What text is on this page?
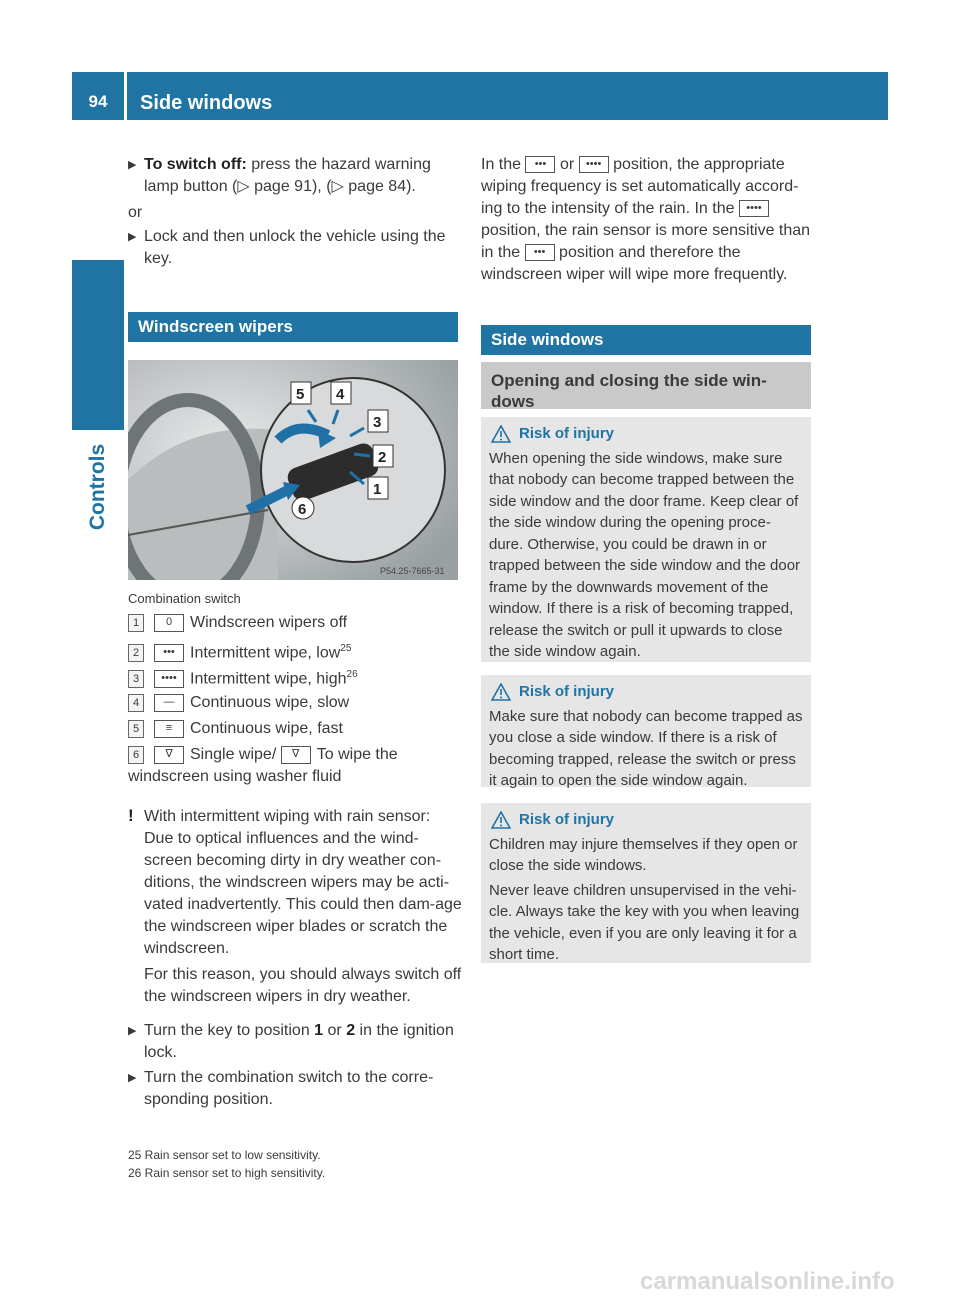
94	Side windows
Controls
▶ To switch off: press the hazard warning lamp button (▷ page 91), (▷ page 84).
or
▶ Lock and then unlock the vehicle using the key.
Windscreen wipers
5 4
3
2
1
6
P54.25-7665-31
Combination switch
1 0 Windscreen wipers off
2 ••• Intermittent wipe, low$^{25}$
3 •••• Intermittent wipe, high$^{26}$
4 — Continuous wipe, slow
5 ≡ Continuous wipe, fast
6 ∇ Single wipe/ ∇ To wipe the windscreen using washer fluid
! With intermittent wiping with rain sensor: Due to optical influences and the wind-screen becoming dirty in dry weather con-ditions, the windscreen wipers may be acti-vated inadvertently. This could then dam-age the windscreen wiper blades or scratch the windscreen.
For this reason, you should always switch off the windscreen wipers in dry weather.
▶ Turn the key to position 1 or 2 in the ignition lock.
▶ Turn the combination switch to the corre-sponding position.
25 Rain sensor set to low sensitivity.
26 Rain sensor set to high sensitivity.
In the ••• or •••• position, the appropriate wiping frequency is set automatically accord-ing to the intensity of the rain. In the •••• position, the rain sensor is more sensitive than in the ••• position and therefore the windscreen wiper will wipe more frequently.
Side windows
Opening and closing the side win-dows
Risk of injury

When opening the side windows, make sure that nobody can become trapped between the side window and the door frame. Keep clear of the side window during the opening proce-dure. Otherwise, you could be drawn in or trapped between the side window and the door frame by the downwards movement of the window. If there is a risk of becoming trapped, release the switch or pull it upwards to close the side window again.

Risk of injury

Make sure that nobody can become trapped as you close a side window. If there is a risk of becoming trapped, release the switch or press it again to open the side window again.

Risk of injury

Children may injure themselves if they open or close the side windows.

Never leave children unsupervised in the vehi-cle. Always take the key with you when leaving the vehicle, even if you are only leaving it for a short time.

carmanualsonline.info
